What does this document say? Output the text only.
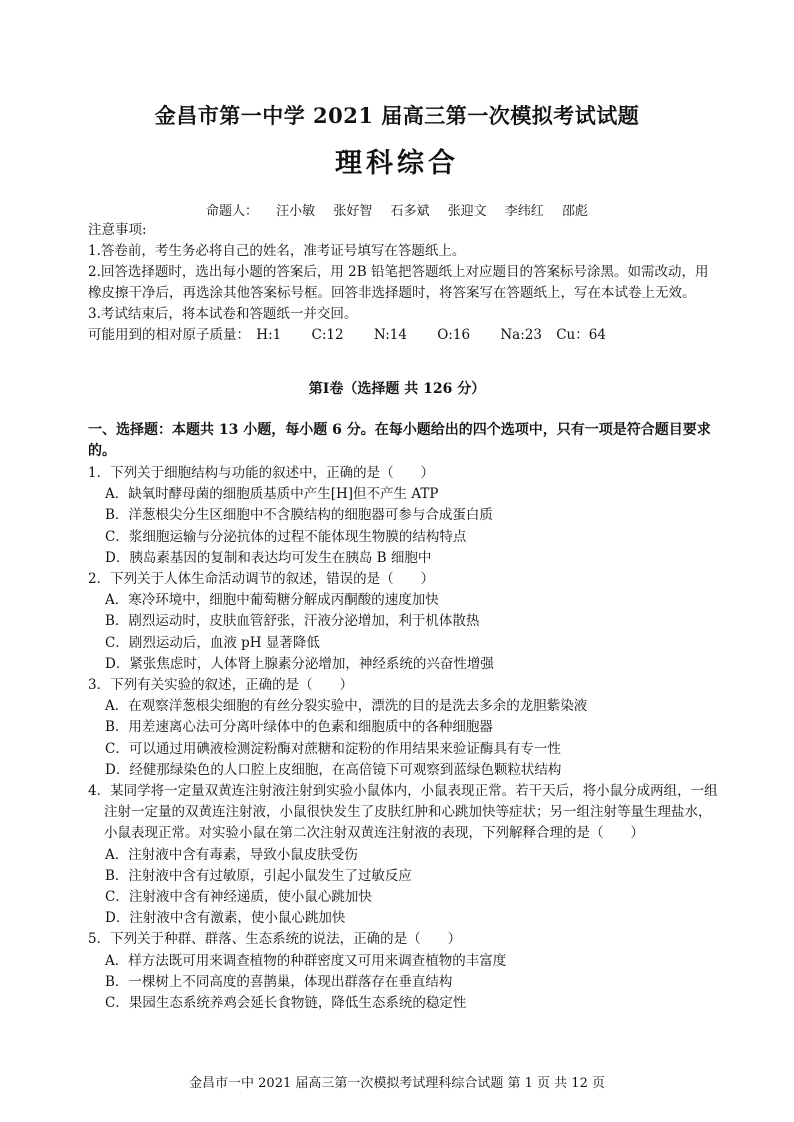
金昌市第一中学 2021 届高三第一次模拟考试试题
理科综合
命题人： 汪小敏 张好智 石多斌 张迎文 李纬红 邵彪

注意事项:

1.答卷前，考生务必将自己的姓名，准考证号填写在答题纸上。

2.回答选择题时，选出每小题的答案后，用 2B 铅笔把答题纸上对应题目的答案标号涂黑。如需改动，用橡皮擦干净后，再选涂其他答案标号框。回答非选择题时，将答案写在答题纸上，写在本试卷上无效。

3.考试结束后，将本试卷和答题纸一并交回。

可能用到的相对原子质量： H:1 C:12 N:14 O:16 Na:23 Cu：64

第Ⅰ卷（选择题 共 126 分）
一、选择题：本题共 13 小题，每小题 6 分。在每小题给出的四个选项中，只有一项是符合题目要求的。

1．下列关于细胞结构与功能的叙述中，正确的是（　　）

A．缺氧时酵母菌的细胞质基质中产生[H]但不产生 ATP

B．洋葱根尖分生区细胞中不含膜结构的细胞器可参与合成蛋白质

C．浆细胞运输与分泌抗体的过程不能体现生物膜的结构特点

D．胰岛素基因的复制和表达均可发生在胰岛 B 细胞中

2．下列关于人体生命活动调节的叙述，错误的是（　　）

A．寒冷环境中，细胞中葡萄糖分解成丙酮酸的速度加快

B．剧烈运动时，皮肤血管舒张，汗液分泌增加，利于机体散热

C．剧烈运动后，血液 pH 显著降低

D．紧张焦虑时，人体肾上腺素分泌增加，神经系统的兴奋性增强

3．下列有关实验的叙述，正确的是（　　）

A．在观察洋葱根尖细胞的有丝分裂实验中，漂洗的目的是洗去多余的龙胆紫染液

B．用差速离心法可分离叶绿体中的色素和细胞质中的各种细胞器

C．可以通过用碘液检测淀粉酶对蔗糖和淀粉的作用结果来验证酶具有专一性

D．经健那绿染色的人口腔上皮细胞，在高倍镜下可观察到蓝绿色颗粒状结构

4．某同学将一定量双黄连注射液注射到实验小鼠体内，小鼠表现正常。若干天后，将小鼠分成两组，一组注射一定量的双黄连注射液，小鼠很快发生了皮肤红肿和心跳加快等症状；另一组注射等量生理盐水，小鼠表现正常。对实验小鼠在第二次注射双黄连注射液的表现，下列解释合理的是（　　）

A．注射液中含有毒素，导致小鼠皮肤受伤

B．注射液中含有过敏原，引起小鼠发生了过敏反应

C．注射液中含有神经递质，使小鼠心跳加快

D．注射液中含有激素，使小鼠心跳加快

5．下列关于种群、群落、生态系统的说法，正确的是（　　）

A．样方法既可用来调查植物的种群密度又可用来调查植物的丰富度

B．一棵树上不同高度的喜鹊巢，体现出群落存在垂直结构

C．果园生态系统养鸡会延长食物链，降低生态系统的稳定性

金昌市一中 2021 届高三第一次模拟考试理科综合试题 第 1 页 共 12 页
